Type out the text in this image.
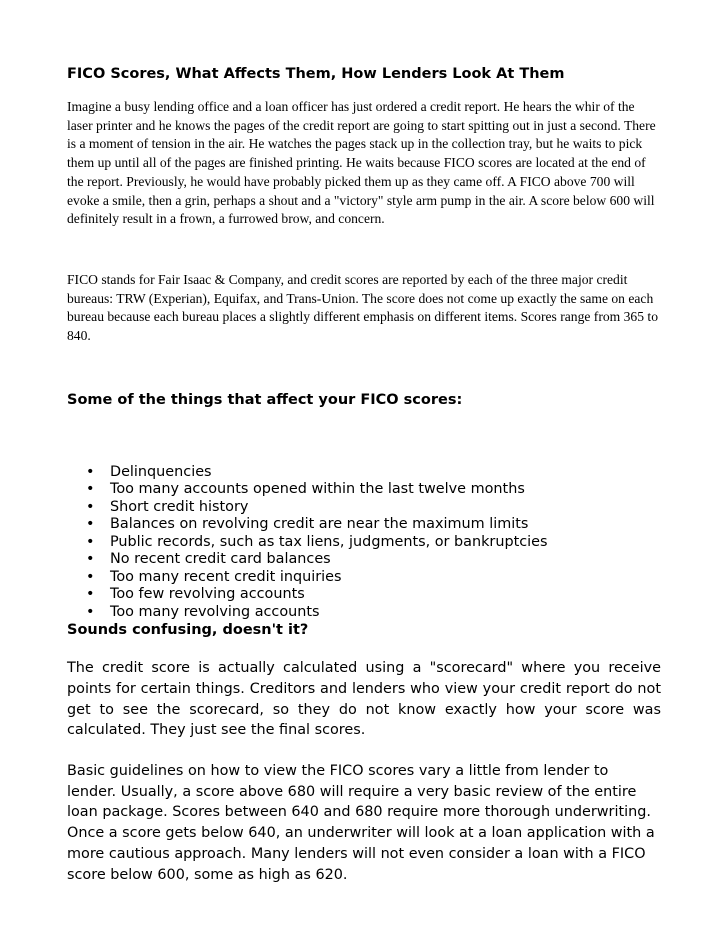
FICO Scores, What Affects Them, How Lenders Look At Them

Imagine a busy lending office and a loan officer has just ordered a credit report. He hears the whir of the laser printer and he knows the pages of the credit report are going to start spitting out in just a second. There is a moment of tension in the air. He watches the pages stack up in the collection tray, but he waits to pick them up until all of the pages are finished printing. He waits because FICO scores are located at the end of the report. Previously, he would have probably picked them up as they came off. A FICO above 700 will evoke a smile, then a grin, perhaps a shout and a "victory" style arm pump in the air. A score below 600 will definitely result in a frown, a furrowed brow, and concern.

FICO stands for Fair Isaac & Company, and credit scores are reported by each of the three major credit bureaus: TRW (Experian), Equifax, and Trans-Union. The score does not come up exactly the same on each bureau because each bureau places a slightly different emphasis on different items. Scores range from 365 to 840.

Some of the things that affect your FICO scores:
• Delinquencies
• Too many accounts opened within the last twelve months
• Short credit history
• Balances on revolving credit are near the maximum limits
• Public records, such as tax liens, judgments, or bankruptcies
• No recent credit card balances
• Too many recent credit inquiries
• Too few revolving accounts
• Too many revolving accounts
Sounds confusing, doesn't it?

The credit score is actually calculated using a "scorecard" where you receive points for certain things. Creditors and lenders who view your credit report do not get to see the scorecard, so they do not know exactly how your score was calculated. They just see the final scores.

Basic guidelines on how to view the FICO scores vary a little from lender to lender. Usually, a score above 680 will require a very basic review of the entire loan package. Scores between 640 and 680 require more thorough underwriting. Once a score gets below 640, an underwriter will look at a loan application with a more cautious approach. Many lenders will not even consider a loan with a FICO score below 600, some as high as 620.
